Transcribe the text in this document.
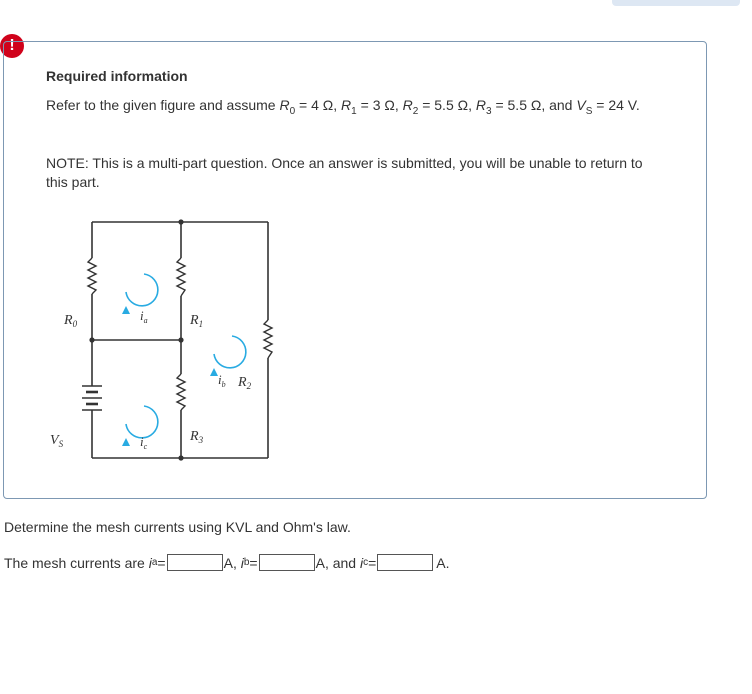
!
Required information
Refer to the given figure and assume $R_0 = 4$ Ω, $R_1 = 3$ Ω, $R_2 = 5.5$ Ω, $R_3 = 5.5$ Ω, and $V_S = 24$ V.
NOTE: This is a multi-part question. Once an answer is submitted, you will be unable to return to this part.
$R_0$	$R_1$
$R_2$
$R_3$
$V_S$
$i_a$
$i_b$
$i_c$
Determine the mesh currents using KVL and Ohm's law.
The mesh currents are i a =	A, i b =	A, and i c =	A.
